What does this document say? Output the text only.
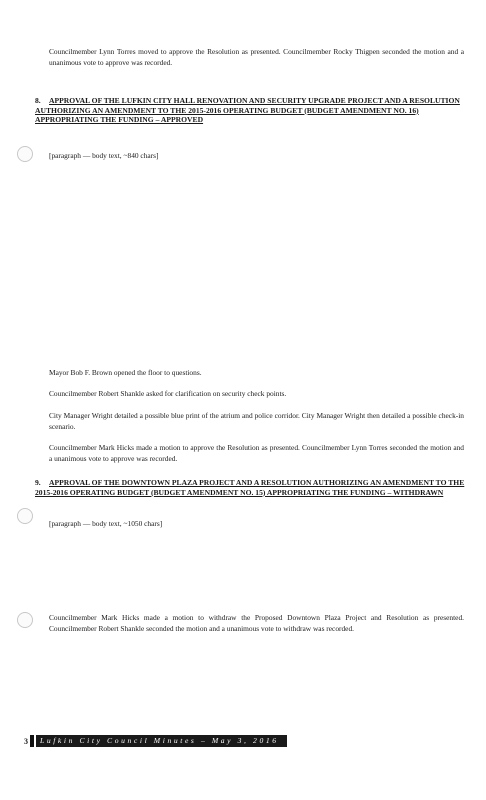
Councilmember Lynn Torres moved to approve the Resolution as presented. Councilmember Rocky Thigpen seconded the motion and a unanimous vote to approve was recorded.

8. APPROVAL OF THE LUFKIN CITY HALL RENOVATION AND SECURITY UPGRADE PROJECT AND A RESOLUTION AUTHORIZING AN AMENDMENT TO THE 2015-2016 OPERATING BUDGET (BUDGET AMENDMENT NO. 16) APPROPRIATING THE FUNDING – APPROVED

[paragraph — body text, ~840 chars]

Mayor Bob F. Brown opened the floor to questions.

Councilmember Robert Shankle asked for clarification on security check points.

City Manager Wright detailed a possible blue print of the atrium and police corridor. City Manager Wright then detailed a possible check-in scenario.

Councilmember Mark Hicks made a motion to approve the Resolution as presented. Councilmember Lynn Torres seconded the motion and a unanimous vote to approve was recorded.

9. APPROVAL OF THE DOWNTOWN PLAZA PROJECT AND A RESOLUTION AUTHORIZING AN AMENDMENT TO THE 2015-2016 OPERATING BUDGET (BUDGET AMENDMENT NO. 15) APPROPRIATING THE FUNDING – WITHDRAWN

[paragraph — body text, ~1050 chars]

Councilmember Mark Hicks made a motion to withdraw the Proposed Downtown Plaza Project and Resolution as presented. Councilmember Robert Shankle seconded the motion and a unanimous vote to withdraw was recorded.

3	Lufkin City Council Minutes – May 3, 2016
